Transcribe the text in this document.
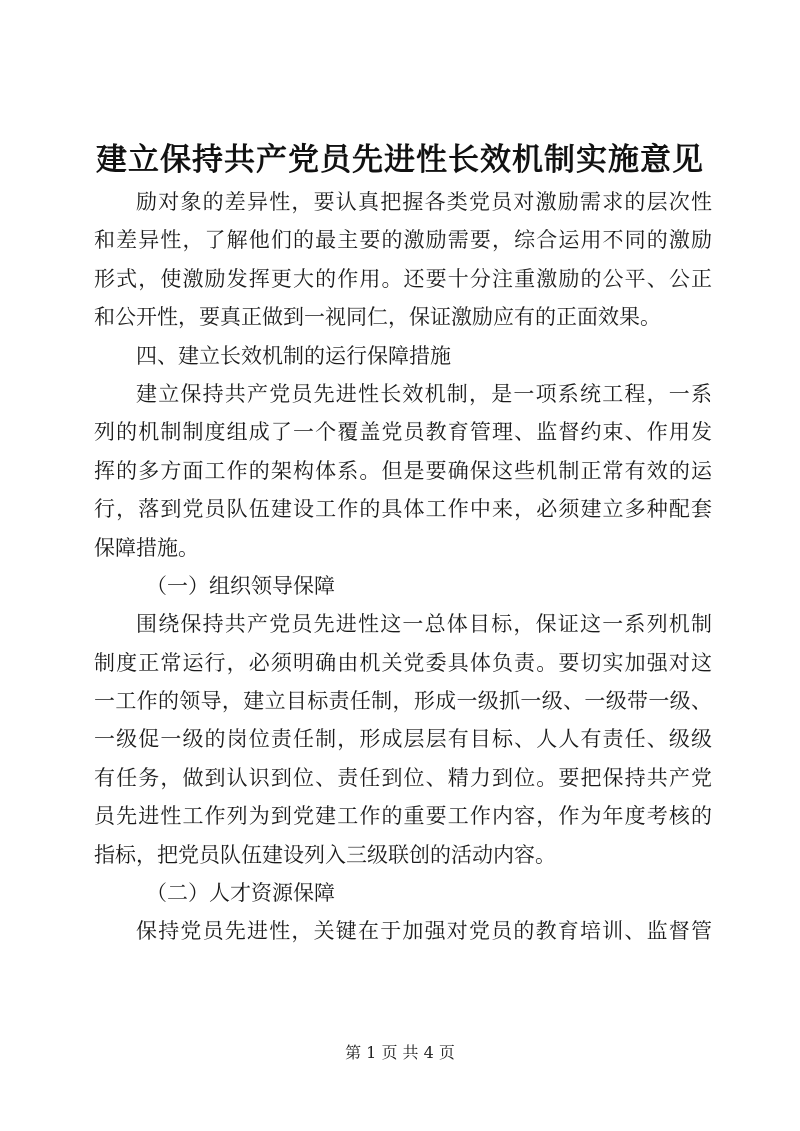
建立保持共产党员先进性长效机制实施意见
励对象的差异性，要认真把握各类党员对激励需求的层次性
和差异性，了解他们的最主要的激励需要，综合运用不同的激励
形式，使激励发挥更大的作用。还要十分注重激励的公平、公正
和公开性，要真正做到一视同仁，保证激励应有的正面效果。
四、建立长效机制的运行保障措施
建立保持共产党员先进性长效机制，是一项系统工程，一系
列的机制制度组成了一个覆盖党员教育管理、监督约束、作用发
挥的多方面工作的架构体系。但是要确保这些机制正常有效的运
行，落到党员队伍建设工作的具体工作中来，必须建立多种配套
保障措施。
（一）组织领导保障
围绕保持共产党员先进性这一总体目标，保证这一系列机制
制度正常运行，必须明确由机关党委具体负责。要切实加强对这
一工作的领导，建立目标责任制，形成一级抓一级、一级带一级、
一级促一级的岗位责任制，形成层层有目标、人人有责任、级级
有任务，做到认识到位、责任到位、精力到位。要把保持共产党
员先进性工作列为到党建工作的重要工作内容，作为年度考核的
指标，把党员队伍建设列入三级联创的活动内容。
（二）人才资源保障
保持党员先进性，关键在于加强对党员的教育培训、监督管
第 1 页 共 4 页
